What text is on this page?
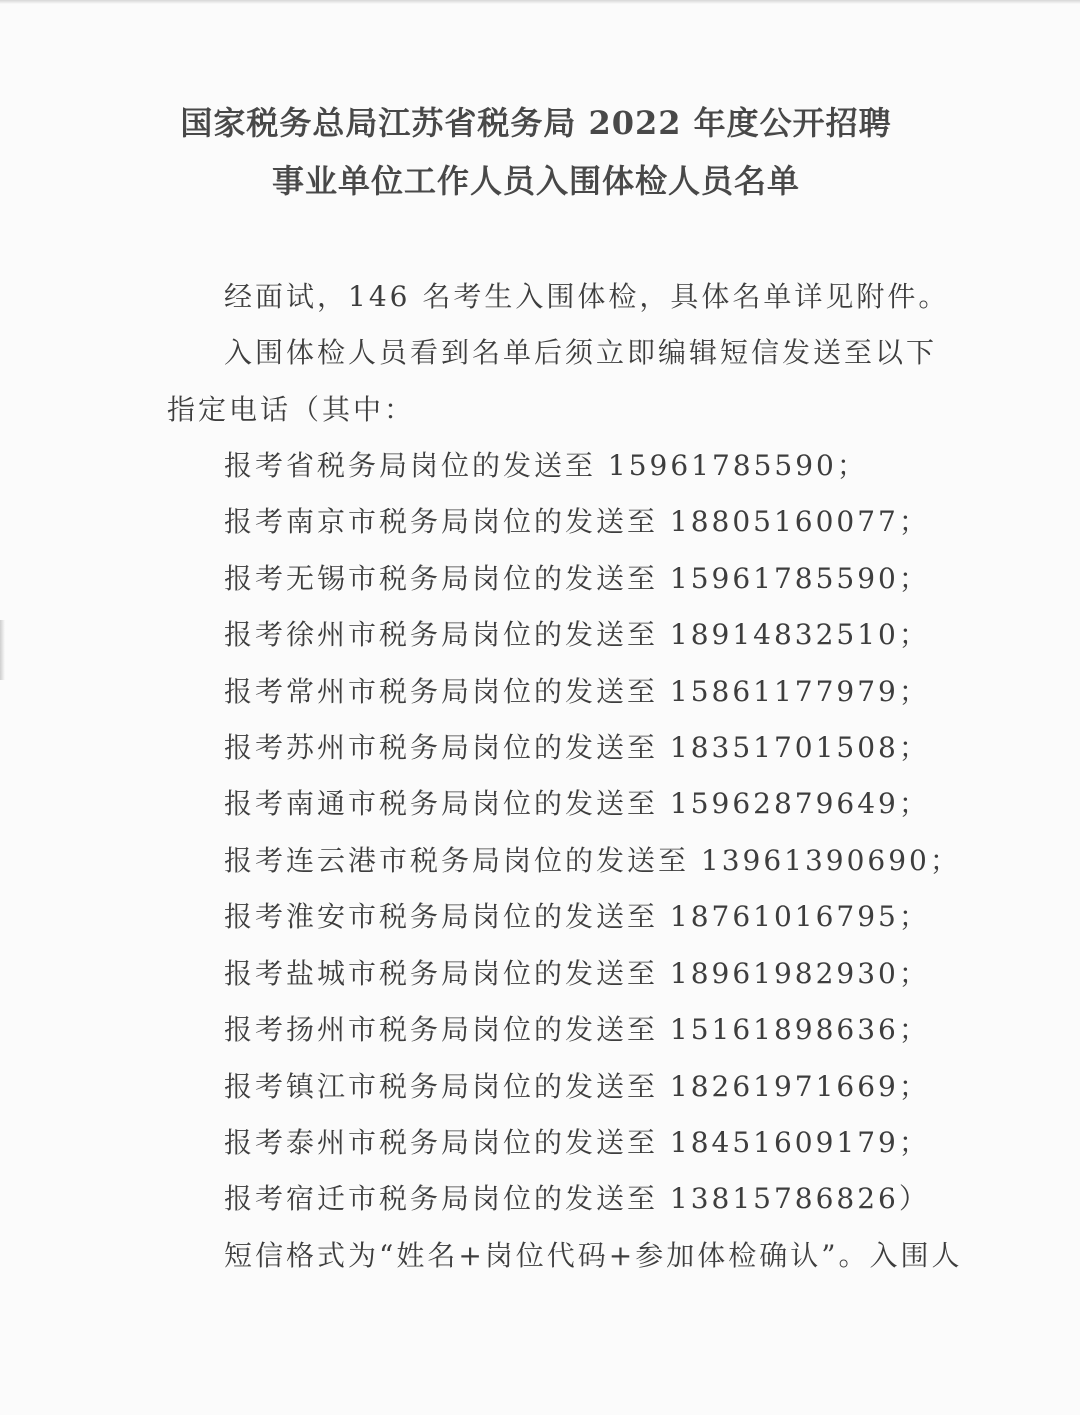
国家税务总局江苏省税务局 2022 年度公开招聘
事业单位工作人员入围体检人员名单
经面试，146 名考生入围体检，具体名单详见附件。
入围体检人员看到名单后须立即编辑短信发送至以下
指定电话（其中：
报考省税务局岗位的发送至 15961785590；
报考南京市税务局岗位的发送至 18805160077；
报考无锡市税务局岗位的发送至 15961785590；
报考徐州市税务局岗位的发送至 18914832510；
报考常州市税务局岗位的发送至 15861177979；
报考苏州市税务局岗位的发送至 18351701508；
报考南通市税务局岗位的发送至 15962879649；
报考连云港市税务局岗位的发送至 13961390690；
报考淮安市税务局岗位的发送至 18761016795；
报考盐城市税务局岗位的发送至 18961982930；
报考扬州市税务局岗位的发送至 15161898636；
报考镇江市税务局岗位的发送至 18261971669；
报考泰州市税务局岗位的发送至 18451609179；
报考宿迁市税务局岗位的发送至 13815786826）
短信格式为“姓名+岗位代码+参加体检确认”。入围人
